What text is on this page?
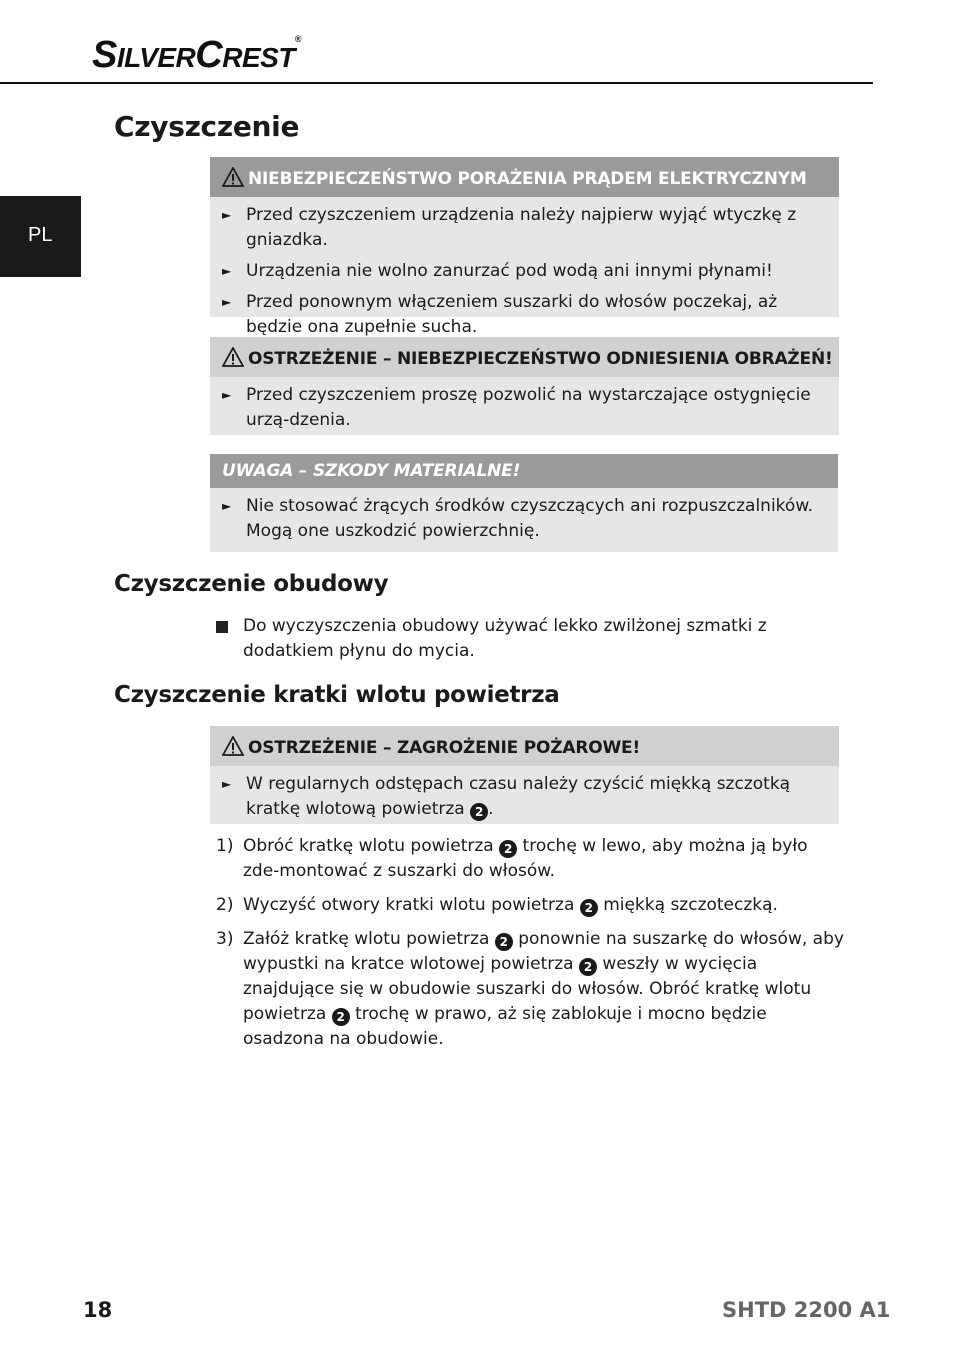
SILVERCREST®
PL
Czyszczenie
NIEBEZPIECZEŃSTWO PORAŻENIA PRĄDEM ELEKTRYCZNYM
► Przed czyszczeniem urządzenia należy najpierw wyjąć wtyczkę z gniazdka.
► Urządzenia nie wolno zanurzać pod wodą ani innymi płynami!
► Przed ponownym włączeniem suszarki do włosów poczekaj, aż będzie ona zupełnie sucha.
OSTRZEŻENIE – NIEBEZPIECZEŃSTWO ODNIESIENIA OBRAŻEŃ!
► Przed czyszczeniem proszę pozwolić na wystarczające ostygnięcie urzą-dzenia.
UWAGA – SZKODY MATERIALNE!
► Nie stosować żrących środków czyszczących ani rozpuszczalników. Mogą one uszkodzić powierzchnię.
Czyszczenie obudowy
Do wyczyszczenia obudowy używać lekko zwilżonej szmatki z dodatkiem płynu do mycia.
Czyszczenie kratki wlotu powietrza
OSTRZEŻENIE – ZAGROŻENIE POŻAROWE!
► W regularnych odstępach czasu należy czyścić miękką szczotką kratkę wlotową powietrza 2 .
1) Obróć kratkę wlotu powietrza 2 trochę w lewo, aby można ją było zde-montować z suszarki do włosów.
2) Wyczyść otwory kratki wlotu powietrza 2 miękką szczoteczką.
3) Załóż kratkę wlotu powietrza 2 ponownie na suszarkę do włosów, aby wypustki na kratce wlotowej powietrza 2 weszły w wycięcia znajdujące się w obudowie suszarki do włosów. Obróć kratkę wlotu powietrza 2 trochę w prawo, aż się zablokuje i mocno będzie osadzona na obudowie.
18	SHTD 2200 A1
